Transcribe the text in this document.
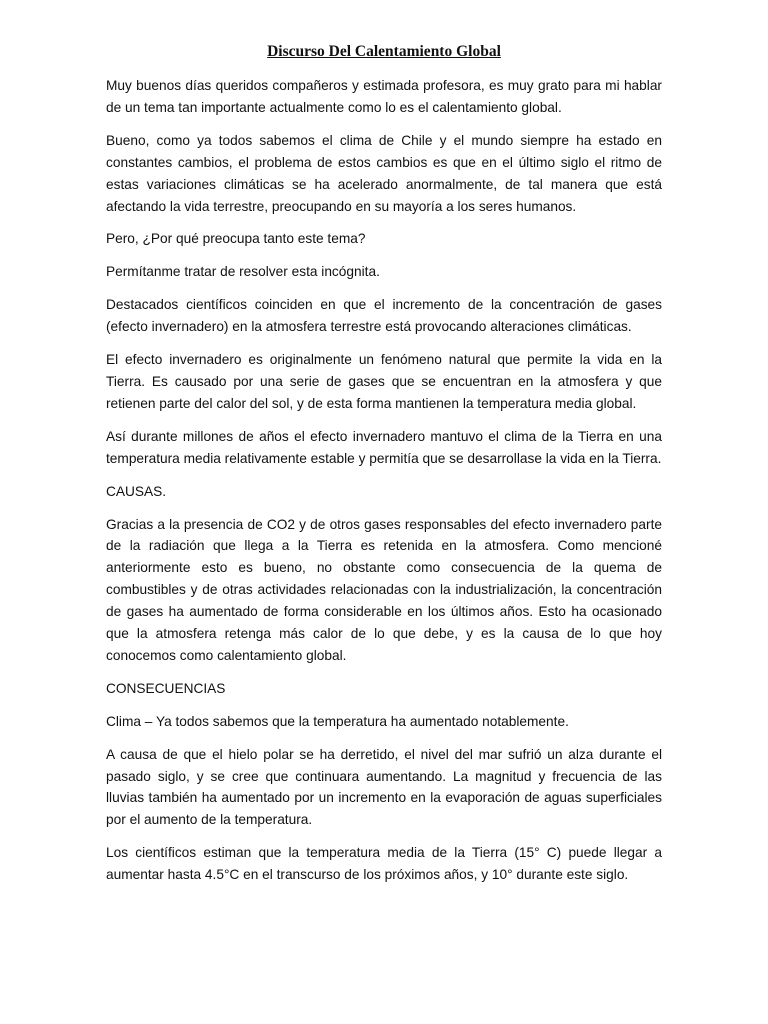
Discurso Del Calentamiento Global

Muy buenos días queridos compañeros y estimada profesora, es muy grato para mi hablar de un tema tan importante actualmente como lo es el calentamiento global.

Bueno, como ya todos sabemos el clima de Chile y el mundo siempre ha estado en constantes cambios, el problema de estos cambios es que en el último siglo el ritmo de estas variaciones climáticas se ha acelerado anormalmente, de tal manera que está afectando la vida terrestre, preocupando en su mayoría a los seres humanos.

Pero, ¿Por qué preocupa tanto este tema?

Permítanme tratar de resolver esta incógnita.

Destacados científicos coinciden en que el incremento de la concentración de gases (efecto invernadero) en la atmosfera terrestre está provocando alteraciones climáticas.

El efecto invernadero es originalmente un fenómeno natural que permite la vida en la Tierra. Es causado por una serie de gases que se encuentran en la atmosfera y que retienen parte del calor del sol, y de esta forma mantienen la temperatura media global.

Así durante millones de años el efecto invernadero mantuvo el clima de la Tierra en una temperatura media relativamente estable y permitía que se desarrollase la vida en la Tierra.

CAUSAS.

Gracias a la presencia de CO2 y de otros gases responsables del efecto invernadero parte de la radiación que llega a la Tierra es retenida en la atmosfera. Como mencioné anteriormente esto es bueno, no obstante como consecuencia de la quema de combustibles y de otras actividades relacionadas con la industrialización, la concentración de gases ha aumentado de forma considerable en los últimos años. Esto ha ocasionado que la atmosfera retenga más calor de lo que debe, y es la causa de lo que hoy conocemos como calentamiento global.

CONSECUENCIAS

Clima – Ya todos sabemos que la temperatura ha aumentado notablemente.

A causa de que el hielo polar se ha derretido, el nivel del mar sufrió un alza durante el pasado siglo, y se cree que continuara aumentando. La magnitud y frecuencia de las lluvias también ha aumentado por un incremento en la evaporación de aguas superficiales por el aumento de la temperatura.

Los científicos estiman que la temperatura media de la Tierra (15° C) puede llegar a aumentar hasta 4.5°C en el transcurso de los próximos años, y 10° durante este siglo.
